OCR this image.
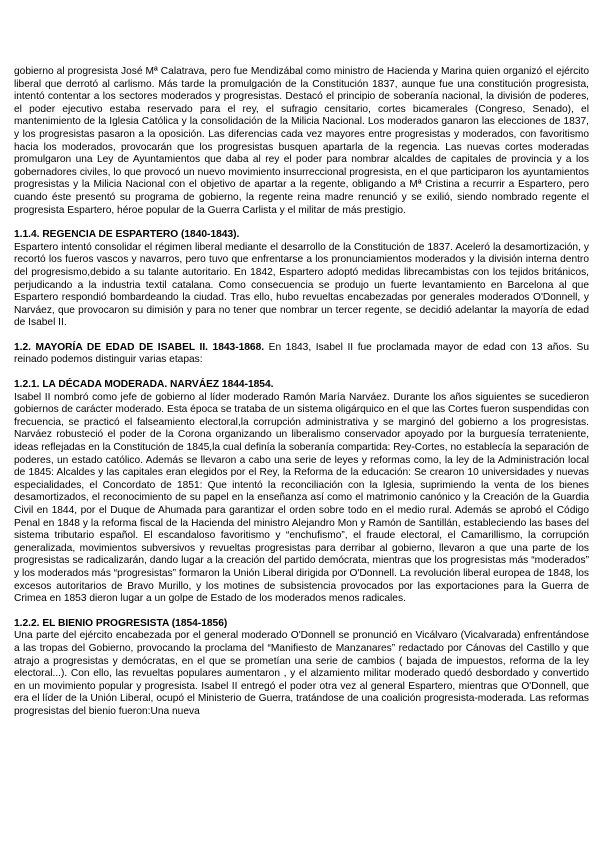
gobierno al progresista José Mª Calatrava, pero fue Mendizábal como ministro de Hacienda y Marina quien organizó el ejército liberal que derrotó al carlismo. Más tarde la promulgación de la Constitución 1837, aunque fue una constitución progresista, intentó contentar a los sectores moderados y progresistas. Destacó el principio de soberanía nacional, la división de poderes, el poder ejecutivo estaba reservado para el rey, el sufragio censitario, cortes bicamerales (Congreso, Senado), el mantenimiento de la Iglesia Católica y la consolidación de la Milicia Nacional. Los moderados ganaron las elecciones de 1837, y los progresistas pasaron a la oposición. Las diferencias cada vez mayores entre progresistas y moderados, con favoritismo hacia los moderados, provocarán que los progresistas busquen apartarla de la regencia. Las nuevas cortes moderadas promulgaron una Ley de Ayuntamientos que daba al rey el poder para nombrar alcaldes de capitales de provincia y a los gobernadores civiles, lo que provocó un nuevo movimiento insurreccional progresista, en el que participaron los ayuntamientos progresistas y la Milicia Nacional con el objetivo de apartar a la regente, obligando a Mª Cristina a recurrir a Espartero, pero cuando éste presentó su programa de gobierno, la regente reina madre renunció y se exilió, siendo nombrado regente el progresista Espartero, héroe popular de la Guerra Carlista y el militar de más prestigio.

1.1.4. REGENCIA DE ESPARTERO (1840-1843).

Espartero intentó consolidar el régimen liberal mediante el desarrollo de la Constitución de 1837. Aceleró la desamortización, y recortó los fueros vascos y navarros, pero tuvo que enfrentarse a los pronunciamientos moderados y la división interna dentro del progresismo,debido a su talante autoritario. En 1842, Espartero adoptó medidas librecambistas con los tejidos británicos, perjudicando a la industria textil catalana. Como consecuencia se produjo un fuerte levantamiento en Barcelona al que Espartero respondió bombardeando la ciudad. Tras ello, hubo revueltas encabezadas por generales moderados O'Donnell, y Narváez, que provocaron su dimisión y para no tener que nombrar un tercer regente, se decidió adelantar la mayoría de edad de Isabel II.

1.2. MAYORÍA DE EDAD DE ISABEL II. 1843-1868. En 1843, Isabel II fue proclamada mayor de edad con 13 años. Su reinado podemos distinguir varias etapas:

1.2.1. LA DÉCADA MODERADA. NARVÁEZ 1844-1854.

Isabel II nombró como jefe de gobierno al líder moderado Ramón María Narváez. Durante los años siguientes se sucedieron gobiernos de carácter moderado. Esta época se trataba de un sistema oligárquico en el que las Cortes fueron suspendidas con frecuencia, se practicó el falseamiento electoral,la corrupción administrativa y se marginó del gobierno a los progresistas. Narváez robusteció el poder de la Corona organizando un liberalismo conservador apoyado por la burguesía terrateniente, ideas reflejadas en la Constitución de 1845,la cual definía la soberanía compartida: Rey-Cortes, no establecía la separación de poderes, un estado católico. Además se llevaron a cabo una serie de leyes y reformas como, la ley de la Administración local de 1845: Alcaldes y las capitales eran elegidos por el Rey, la Reforma de la educación: Se crearon 10 universidades y nuevas especialidades, el Concordato de 1851: Que intentó la reconciliación con la Iglesia, suprimiendo la venta de los bienes desamortizados, el reconocimiento de su papel en la enseñanza así como el matrimonio canónico y la Creación de la Guardia Civil en 1844, por el Duque de Ahumada para garantizar el orden sobre todo en el medio rural. Además se aprobó el Código Penal en 1848 y la reforma fiscal de la Hacienda del ministro Alejandro Mon y Ramón de Santillán, estableciendo las bases del sistema tributario español. El escandaloso favoritismo y “enchufismo”, el fraude electoral, el Camarillismo, la corrupción generalizada, movimientos subversivos y revueltas progresistas para derribar al gobierno, llevaron a que una parte de los progresistas se radicalizarán, dando lugar a la creación del partido demócrata, mientras que los progresistas más “moderados” y los moderados más “progresistas” formaron la Unión Liberal dirigida por O'Donnell. La revolución liberal europea de 1848, los excesos autoritarios de Bravo Murillo, y los motines de subsistencia provocados por las exportaciones para la Guerra de Crimea en 1853 dieron lugar a un golpe de Estado de los moderados menos radicales.

1.2.2. EL BIENIO PROGRESISTA (1854-1856)

Una parte del ejército encabezada por el general moderado O'Donnell se pronunció en Vicálvaro (Vicalvarada) enfrentándose a las tropas del Gobierno, provocando la proclama del “Manifiesto de Manzanares” redactado por Cánovas del Castillo y que atrajo a progresistas y demócratas, en el que se prometían una serie de cambios ( bajada de impuestos, reforma de la ley electoral...). Con ello, las revueltas populares aumentaron , y el alzamiento militar moderado quedó desbordado y convertido en un movimiento popular y progresista. Isabel II entregó el poder otra vez al general Espartero, mientras que O'Donnell, que era el líder de la Unión Liberal, ocupó el Ministerio de Guerra, tratándose de una coalición progresista-moderada. Las reformas progresistas del bienio fueron:Una nueva
